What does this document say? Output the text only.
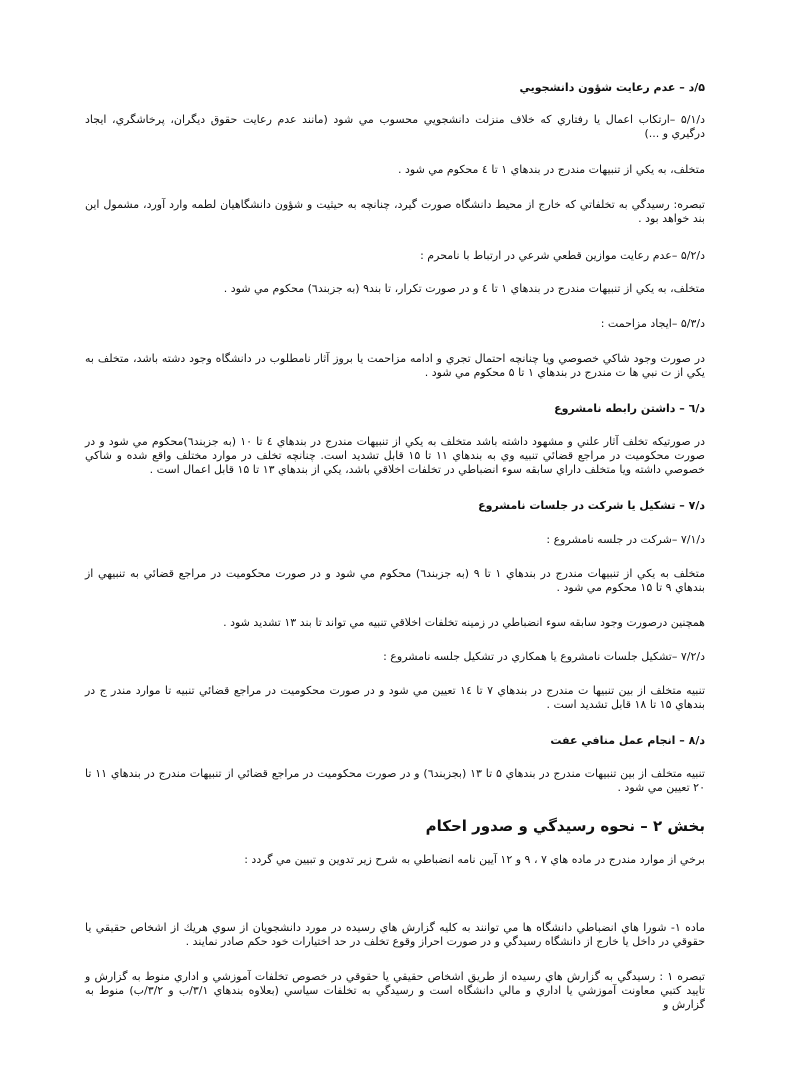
۵/د – عدم رعايت شؤون دانشجويي
د/۵/۱ –ارتكاب اعمال يا رفتاري كه خلاف منزلت دانشجويي محسوب مي شود (مانند عدم رعايت حقوق ديگران، پرخاشگري، ايجاد درگيري و ...)
متخلف، به يكي از تنبيهات مندرج در بندهاي ۱ تا ٤ محكوم مي شود .
تبصره: رسيدگي به تخلفاتي كه خارج از محيط دانشگاه صورت گيرد، چنانچه به حيثيت و شؤون دانشگاهيان لطمه وارد آورد، مشمول اين بند خواهد بود .
د/۵/۲ –عدم رعايت موازين قطعي شرعي در ارتباط با نامحرم :
متخلف، به يكي از تنبيهات مندرج در بندهاي ۱ تا ٤ و در صورت تكرار، تا بند۹ (به جزبند٦) محكوم مي شود .
د/۵/۳ –ايجاد مزاحمت :
در صورت وجود شاكي خصوصي ويا چنانچه احتمال تجري و ادامه مزاحمت يا بروز آثار نامطلوب در دانشگاه وجود دشته باشد، متخلف به يكي از ت نبي ها ت مندرج در بندهاي ۱ تا ۵ محكوم مي شود .
د/٦ – داشتن رابطه نامشروع
در صورتيكه تخلف آثار علني و مشهود داشته باشد متخلف به يكي از تنبيهات مندرج در بندهاي ٤ تا ۱۰ (به جزبند٦)محكوم مي شود و در صورت محكوميت در مراجع قضائي تنبيه وي به بندهاي ۱۱ تا ۱۵ قابل تشديد است. چنانچه تخلف در موارد مختلف واقع شده و شاكي خصوصي داشته ويا متخلف داراي سابقه سوء انضباطي در تخلفات اخلاقي باشد، يكي از بندهاي ۱۳ تا ۱۵ قابل اعمال است .
د/۷ – تشكيل يا شركت در جلسات نامشروع
د/۷/۱ –شركت در جلسه نامشروع :
متخلف به يكي از تنبيهات مندرج در بندهاي ۱ تا ۹ (به جزبند٦) محكوم مي شود و در صورت محكوميت در مراجع قضائي به تنبيهي از بندهاي ۹ تا ۱۵ محكوم مي شود .
همچنين درصورت وجود سابقه سوء انضباطي در زمينه تخلفات اخلاقي تنبيه مي تواند تا بند ۱۳ تشديد شود .
د/۷/۲ –تشكيل جلسات نامشروع يا همكاري در تشكيل جلسه نامشروع :
تنبيه متخلف از بين تنبيها ت مندرج در بندهاي ۷ تا ۱٤ تعيين مي شود و در صورت محكوميت در مراجع قضائي تنبيه تا موارد مندر ج در بندهاي ۱۵ تا ۱۸ قابل تشديد است .
د/۸ – انجام عمل منافي عفت
تنبيه متخلف از بين تنبيهات مندرج در بندهاي ۵ تا ۱۳ (بجزبند٦) و در صورت محكوميت در مراجع قضائي از تنبيهات مندرج در بندهاي ۱۱ تا ۲۰ تعيين مي شود .
بخش ۲ – نحوه رسيدگي و صدور احكام
برخي از موارد مندرج در ماده هاي ۷ ، ۹ و ۱۲ آيين نامه انضباطي به شرح زير تدوين و تبيين مي گردد :
ماده ۱- شورا هاي انضباطي دانشگاه ها مي توانند به كليه گزارش هاي رسيده در مورد دانشجويان از سوي هريك از اشخاص حقيقي يا حقوقي در داخل يا خارج از دانشگاه رسيدگي و در صورت احراز وقوع تخلف در حد اختيارات خود حكم صادر نمايند .
تبصره ۱ : رسيدگي به گزارش هاي رسيده از طريق اشخاص حقيقي يا حقوقي در خصوص تخلفات آموزشي و اداري منوط به گزارش و تاييد كتبي معاونت آموزشي يا اداري و مالي دانشگاه است و رسيدگي به تخلفات سياسي (بعلاوه بندهاي ۳/۱/ب و ۳/۲/ب) منوط به گزارش و
